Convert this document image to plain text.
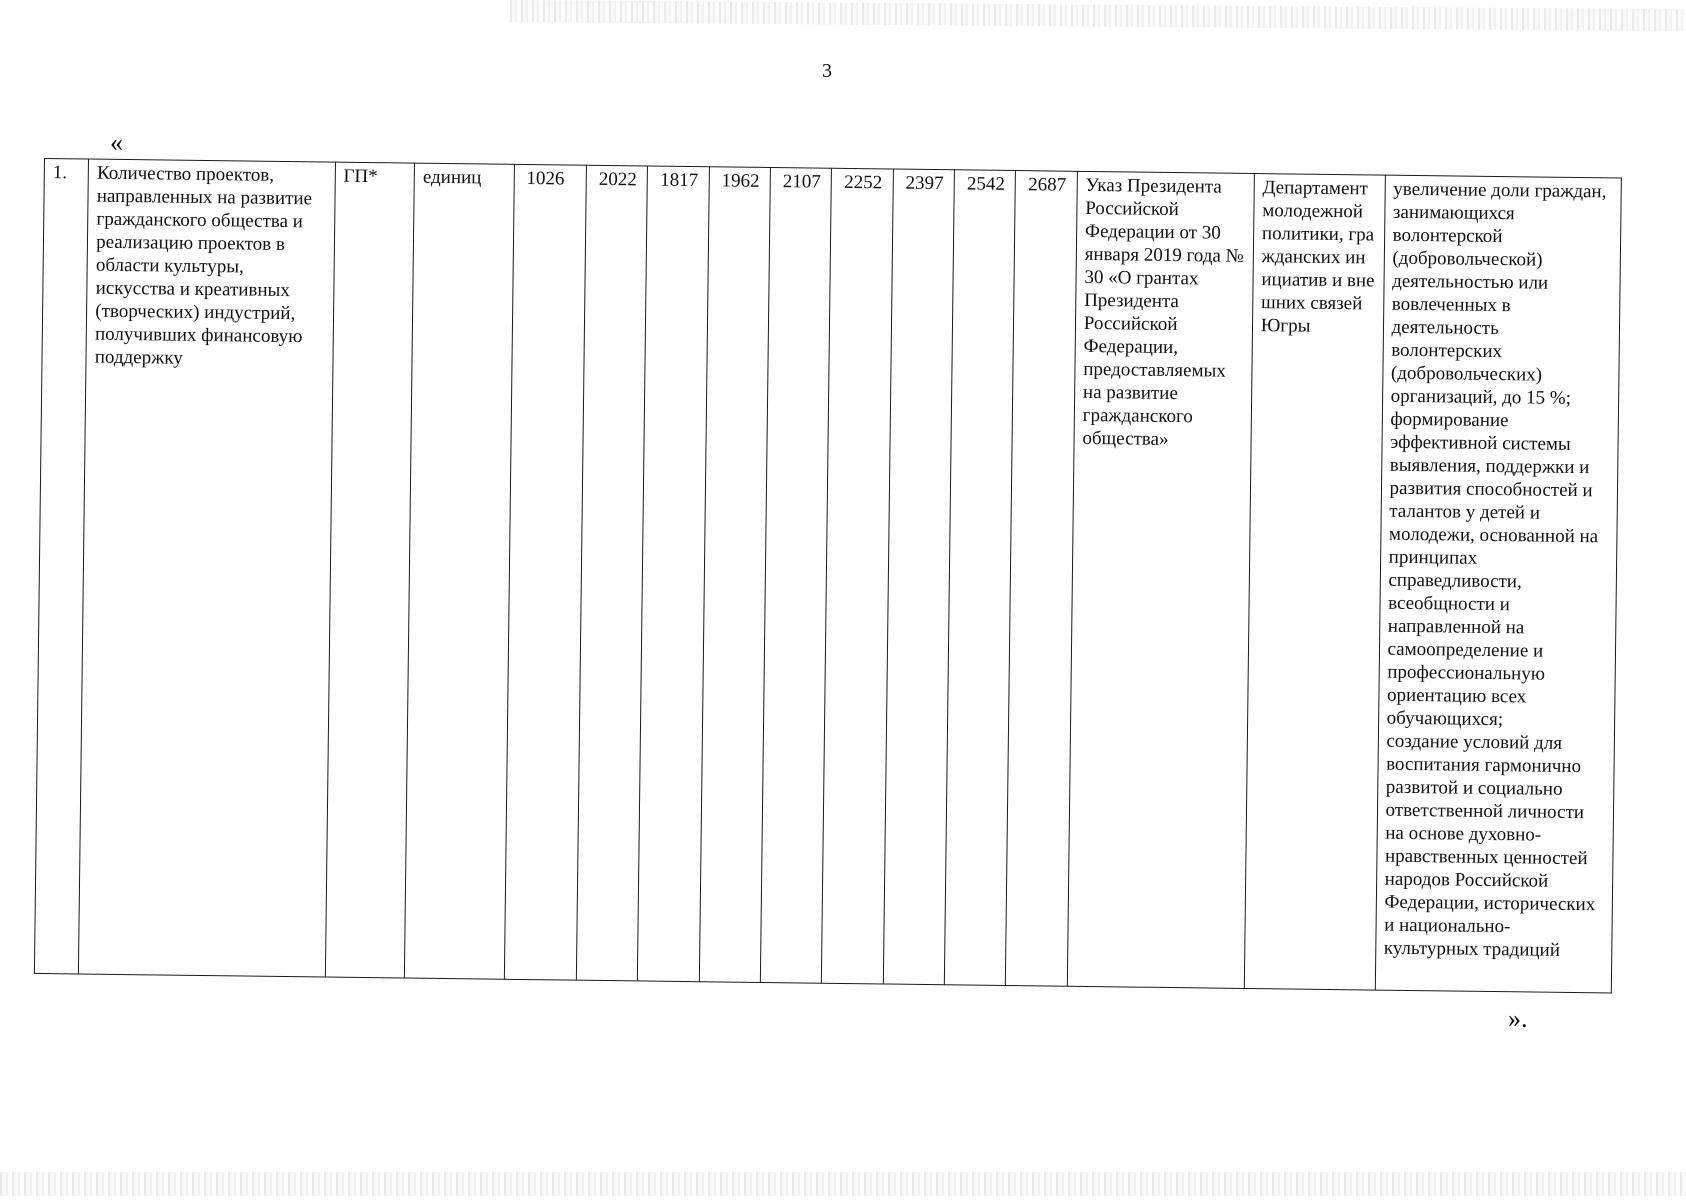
3
«
1.	Количество проектов, направленных на развитие гражданского общества и реализацию проектов в области культуры, искусства и креативных (творческих) индустрий, получивших финансовую поддержку	ГП*	единиц	1026	2022	1817	1962	2107	2252	2397	2542	2687	Указ Президента Российской Федерации от 30 января 2019 года № 30 «О грантах Президента Российской Федерации, предоставляемых на развитие гражданского общества»	Департамент молодежной политики, гражданских инициатив и внешних связей Югры	увеличение доли граждан, занимающихся волонтерской (добровольческой) деятельностью или вовлеченных в деятельность волонтерских (добровольческих) организаций, до 15 %;
формирование эффективной системы выявления, поддержки и развития способностей и талантов у детей и молодежи, основанной на принципах справедливости, всеобщности и направленной на самоопределение и профессиональную ориентацию всех обучающихся;
создание условий для воспитания гармонично развитой и социально ответственной личности на основе духовно-нравственных ценностей народов Российской Федерации, исторических и национально-культурных традиций
».
